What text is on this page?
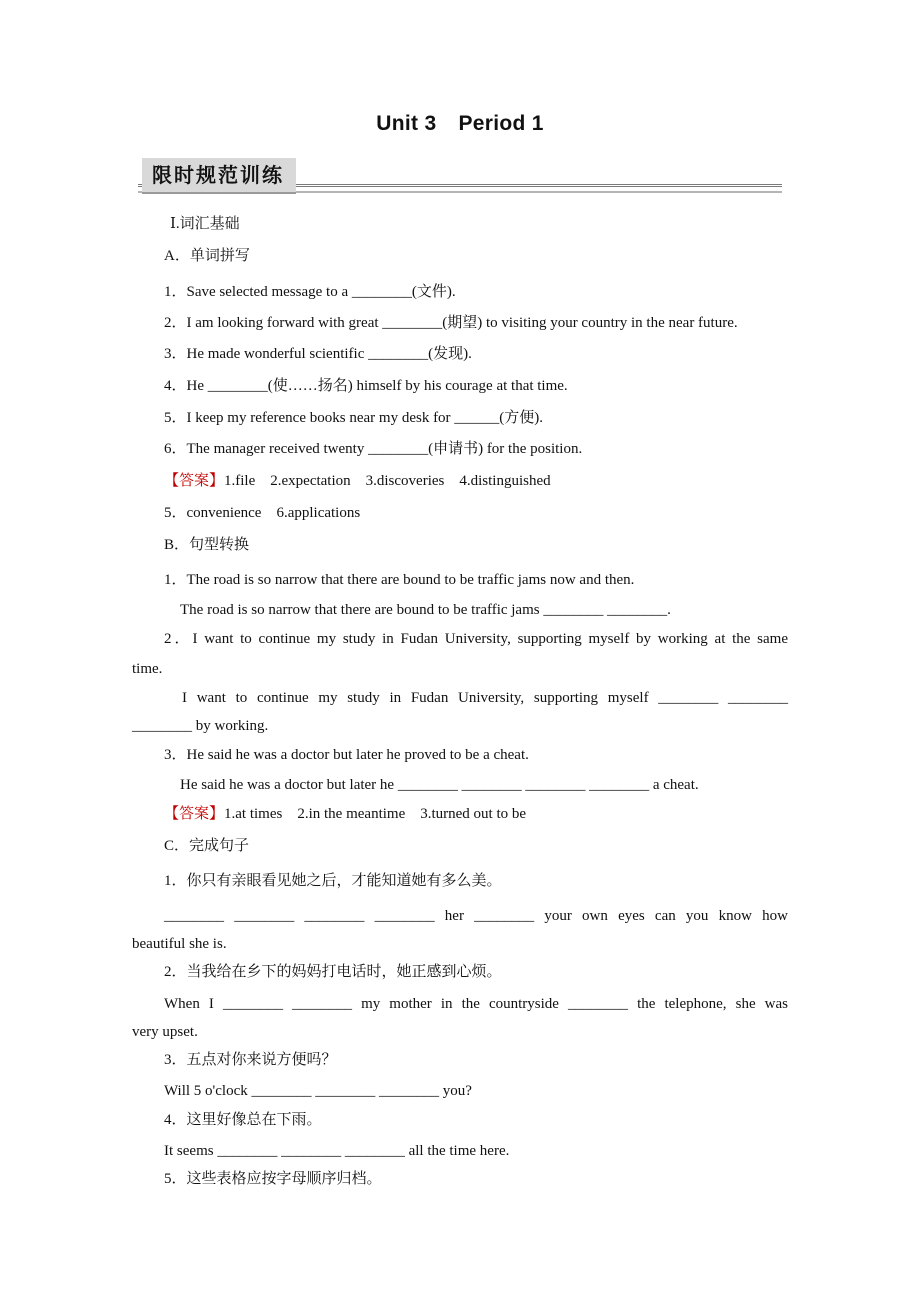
Unit 3 Period 1
限时规范训练
Ⅰ.词汇基础
A．单词拼写
1．Save selected message to a ________(文件).
2．I am looking forward with great ________(期望) to visiting your country in the near future.
3．He made wonderful scientific ________(发现).
4．He ________(使……扬名) himself by his courage at that time.
5．I keep my reference books near my desk for ______(方便).
6．The manager received twenty ________(申请书) for the position.
【答案】1.file　2.expectation　3.discoveries　4.distinguished
5．convenience　6.applications
B．句型转换
1．The road is so narrow that there are bound to be traffic jams now and then.
The road is so narrow that there are bound to be traffic jams ________ ________.
2．I want to continue my study in Fudan University, supporting myself by working at the same
time.
I want to continue my study in Fudan University, supporting myself ________ ________
________ by working.
3．He said he was a doctor but later he proved to be a cheat.
He said he was a doctor but later he ________ ________ ________ ________ a cheat.
【答案】1.at times　2.in the meantime　3.turned out to be
C．完成句子
1．你只有亲眼看见她之后，才能知道她有多么美。
________ ________ ________ ________ her ________ your own eyes can you know how
beautiful she is.
2．当我给在乡下的妈妈打电话时，她正感到心烦。
When I ________ ________ my mother in the countryside ________ the telephone, she was
very upset.
3．五点对你来说方便吗？
Will 5 o'clock ________ ________ ________ you?
4．这里好像总在下雨。
It seems ________ ________ ________ all the time here.
5．这些表格应按字母顺序归档。
